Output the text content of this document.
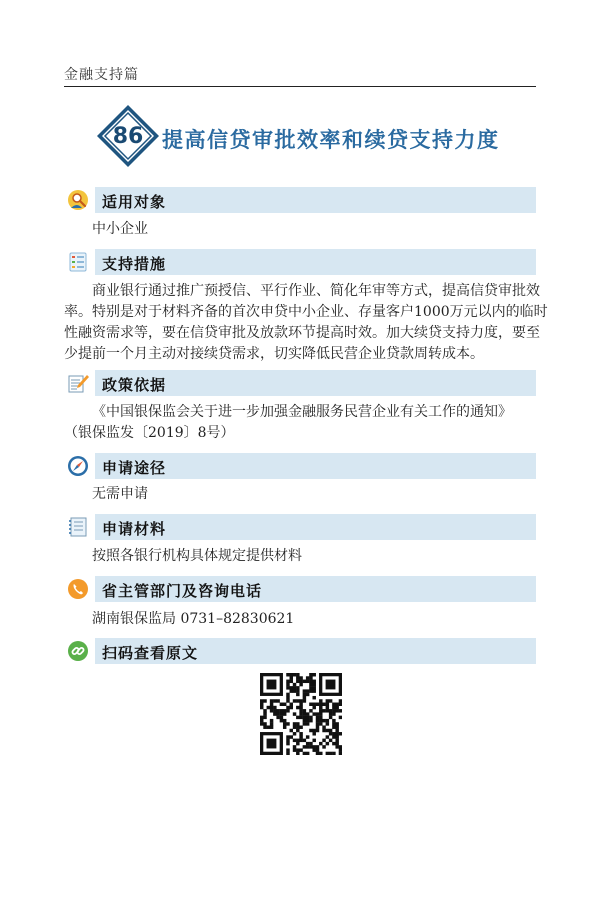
金融支持篇
86 提高信贷审批效率和续贷支持力度
适用对象
中小企业
支持措施
商业银行通过推广预授信、平行作业、简化年审等方式，提高信贷审批效
率。特别是对于材料齐备的首次申贷中小企业、存量客户1000万元以内的临时
性融资需求等，要在信贷审批及放款环节提高时效。加大续贷支持力度，要至
少提前一个月主动对接续贷需求，切实降低民营企业贷款周转成本。
政策依据
《中国银保监会关于进一步加强金融服务民营企业有关工作的通知》
（银保监发〔2019〕8号）
申请途径
无需申请
申请材料
按照各银行机构具体规定提供材料
省主管部门及咨询电话
湖南银保监局 0731–82830621
扫码查看原文
